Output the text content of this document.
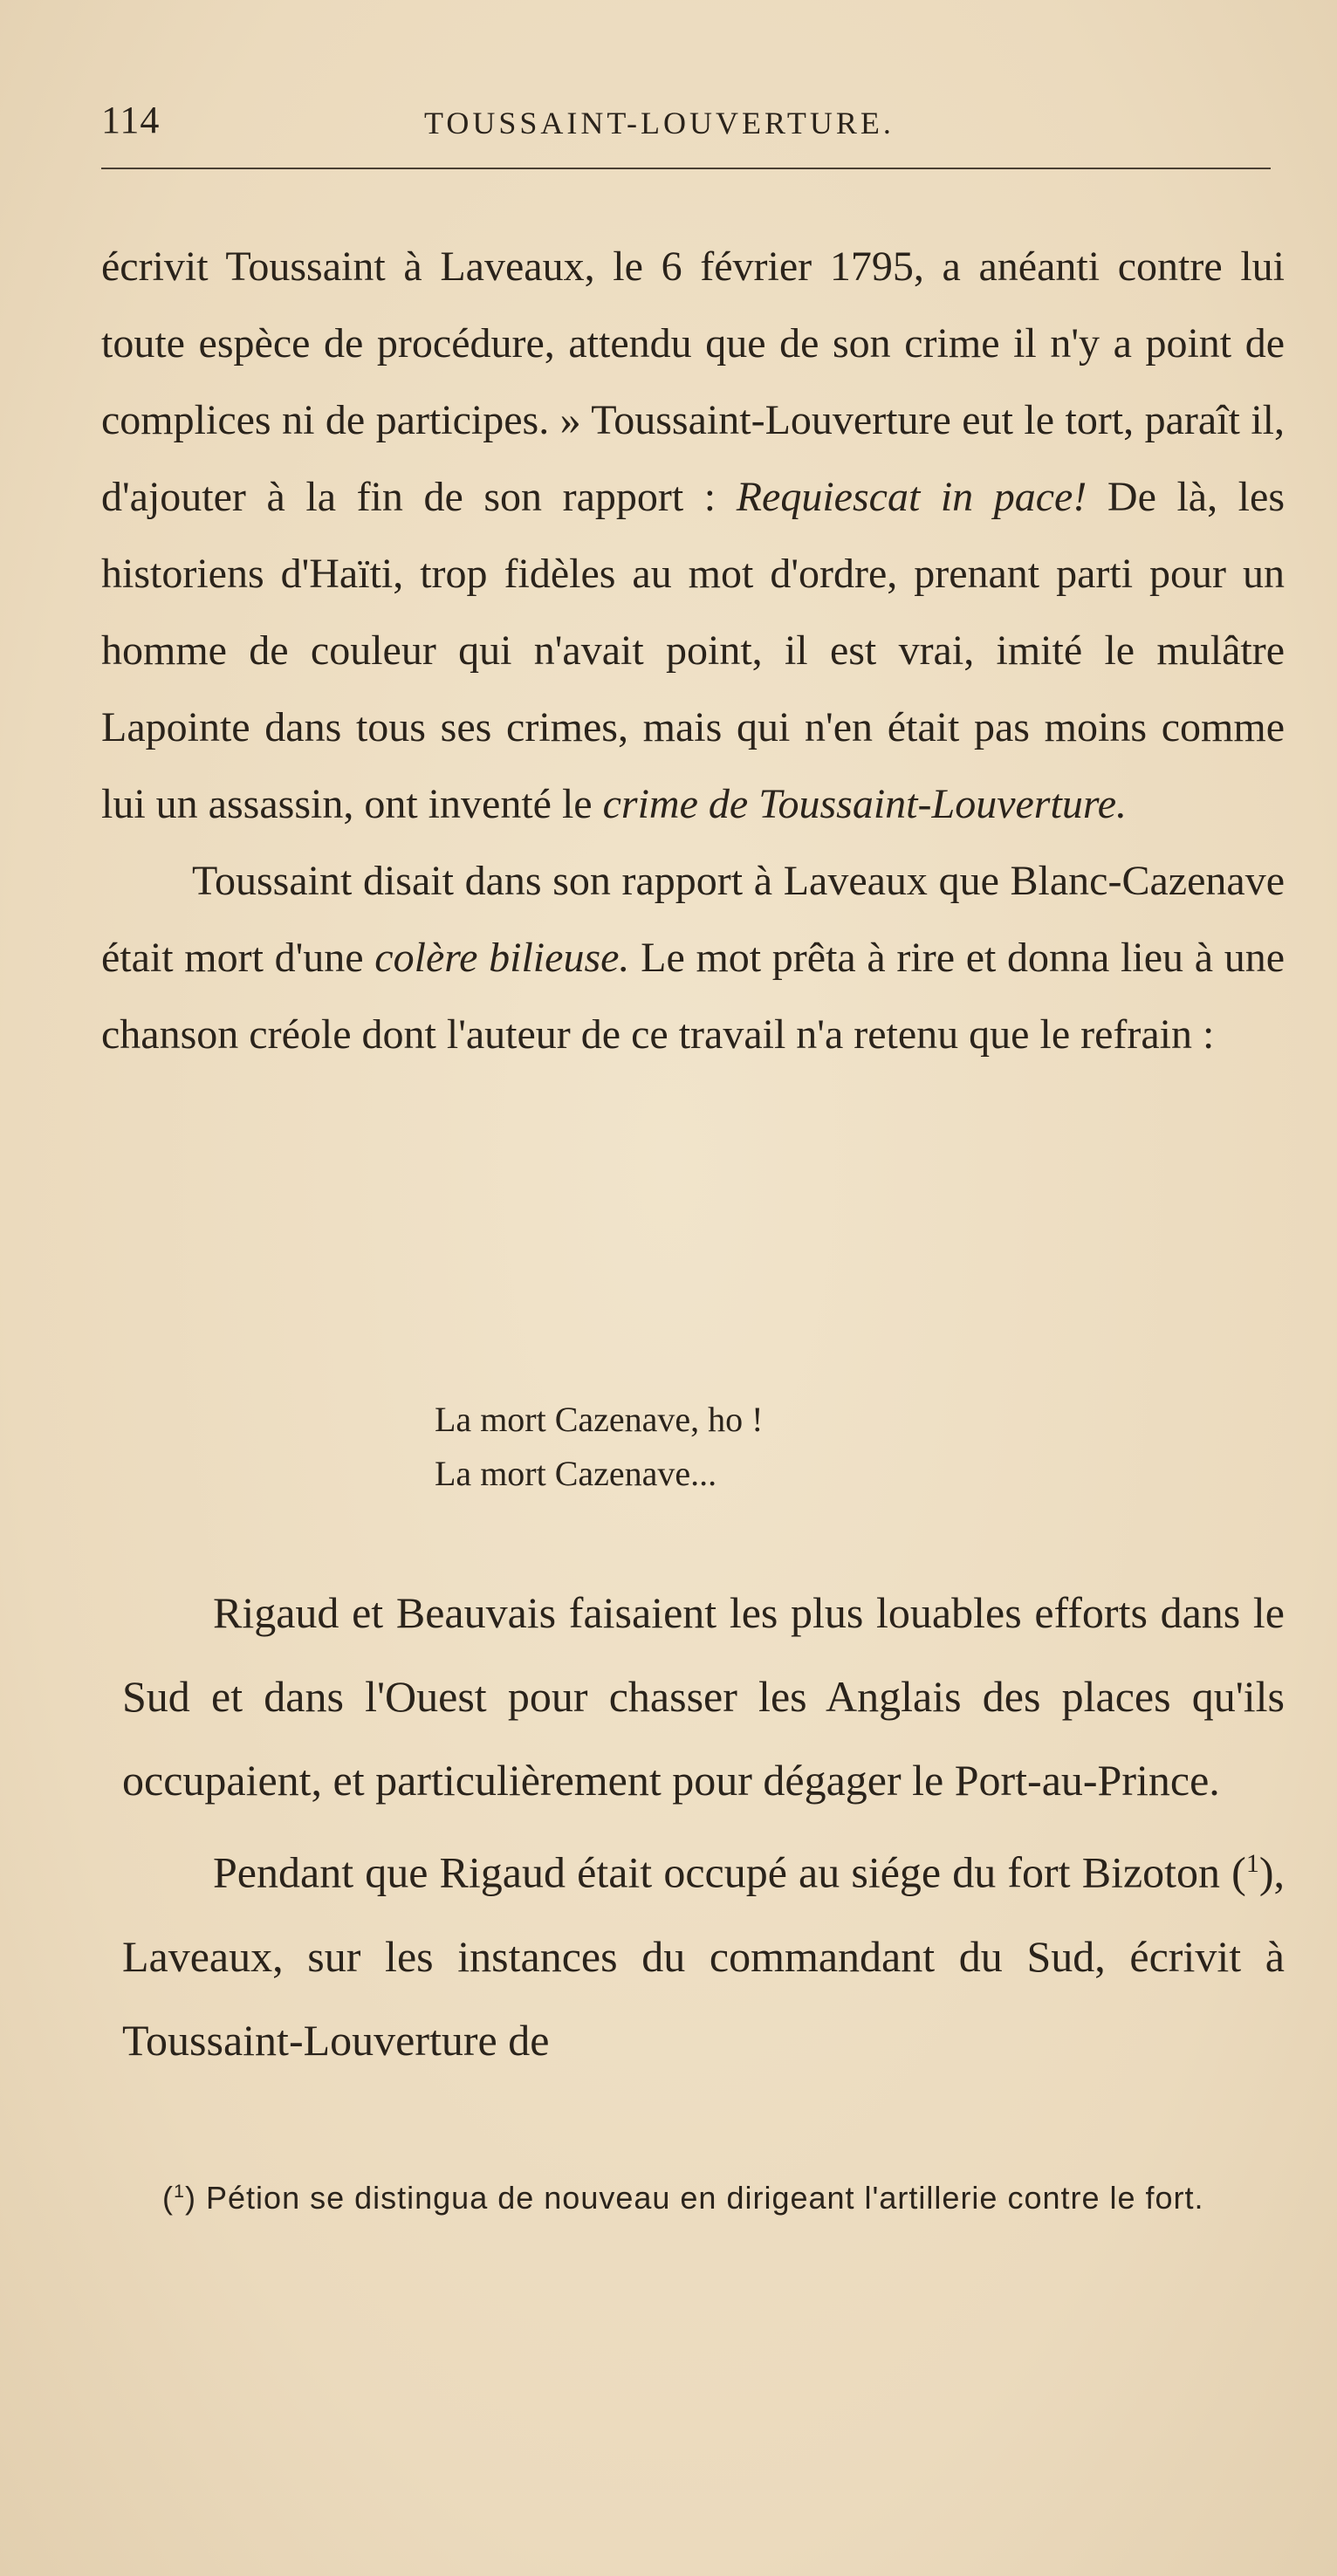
114	TOUSSAINT-LOUVERTURE.

écrivit Toussaint à Laveaux, le 6 février 1795, a anéanti contre lui toute espèce de procédure, attendu que de son crime il n'y a point de complices ni de participes. » Toussaint-Louverture eut le tort, paraît il, d'ajouter à la fin de son rapport : Requiescat in pace! De là, les historiens d'Haïti, trop fidèles au mot d'ordre, prenant parti pour un homme de couleur qui n'avait point, il est vrai, imité le mulâtre Lapointe dans tous ses crimes, mais qui n'en était pas moins comme lui un assassin, ont inventé le crime de Toussaint-Louverture.

Toussaint disait dans son rapport à Laveaux que Blanc-Cazenave était mort d'une colère bilieuse. Le mot prêta à rire et donna lieu à une chanson créole dont l'auteur de ce travail n'a retenu que le refrain :

La mort Cazenave, ho !
La mort Cazenave...

Rigaud et Beauvais faisaient les plus louables efforts dans le Sud et dans l'Ouest pour chasser les Anglais des places qu'ils occupaient, et particulièrement pour dégager le Port-au-Prince.

Pendant que Rigaud était occupé au siége du fort Bizoton ($^1$), Laveaux, sur les instances du commandant du Sud, écrivit à Toussaint-Louverture de

($^1$) Pétion se distingua de nouveau en dirigeant l'artillerie contre le fort.
